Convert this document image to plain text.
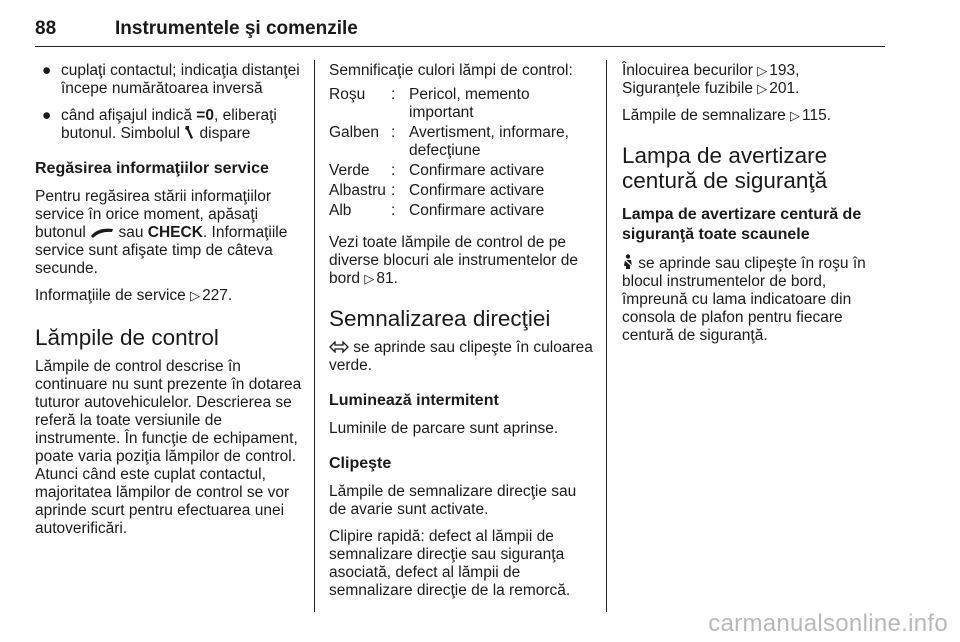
88	Instrumentele şi comenzile
● cuplaţi contactul; indicaţia distanţei începe numărătoarea inversă
● când afişajul indică =0, eliberaţi butonul. Simbolul  dispare
Regăsirea informaţiilor service

Pentru regăsirea stării informaţiilor service în orice moment, apăsaţi butonul  sau CHECK. Informaţiile service sunt afişate timp de câteva secunde.

Informaţiile de service ▷ 227.

Lămpile de control

Lămpile de control descrise în continuare nu sunt prezente în dotarea tuturor autovehiculelor. Descrierea se referă la toate versiunile de instrumente. În funcţie de echipament, poate varia poziţia lămpilor de control. Atunci când este cuplat contactul, majoritatea lămpilor de control se vor aprinde scurt pentru efectuarea unei autoverificări.

Semnificaţie culori lămpi de control:

Roşu	:	Pericol, memento important
Galben	:	Avertisment, informare, defecţiune
Verde	:	Confirmare activare
Albastru	:	Confirmare activare
Alb	:	Confirmare activare

Vezi toate lămpile de control de pe diverse blocuri ale instrumentelor de bord ▷ 81.

Semnalizarea direcţiei

se aprinde sau clipeşte în culoarea verde.

Luminează intermitent

Luminile de parcare sunt aprinse.

Clipeşte

Lămpile de semnalizare direcţie sau de avarie sunt activate.

Clipire rapidă: defect al lămpii de semnalizare direcţie sau siguranţa asociată, defect al lămpii de semnalizare direcţie de la remorcă.

Înlocuirea becurilor ▷ 193,
Siguranţele fuzibile ▷ 201.

Lămpile de semnalizare ▷ 115.

Lampa de avertizare centură de siguranţă
Lampa de avertizare centură de siguranţă toate scaunele

se aprinde sau clipeşte în roşu în blocul instrumentelor de bord, împreună cu lama indicatoare din consola de plafon pentru fiecare centură de siguranţă.

carmanualsonline.info
